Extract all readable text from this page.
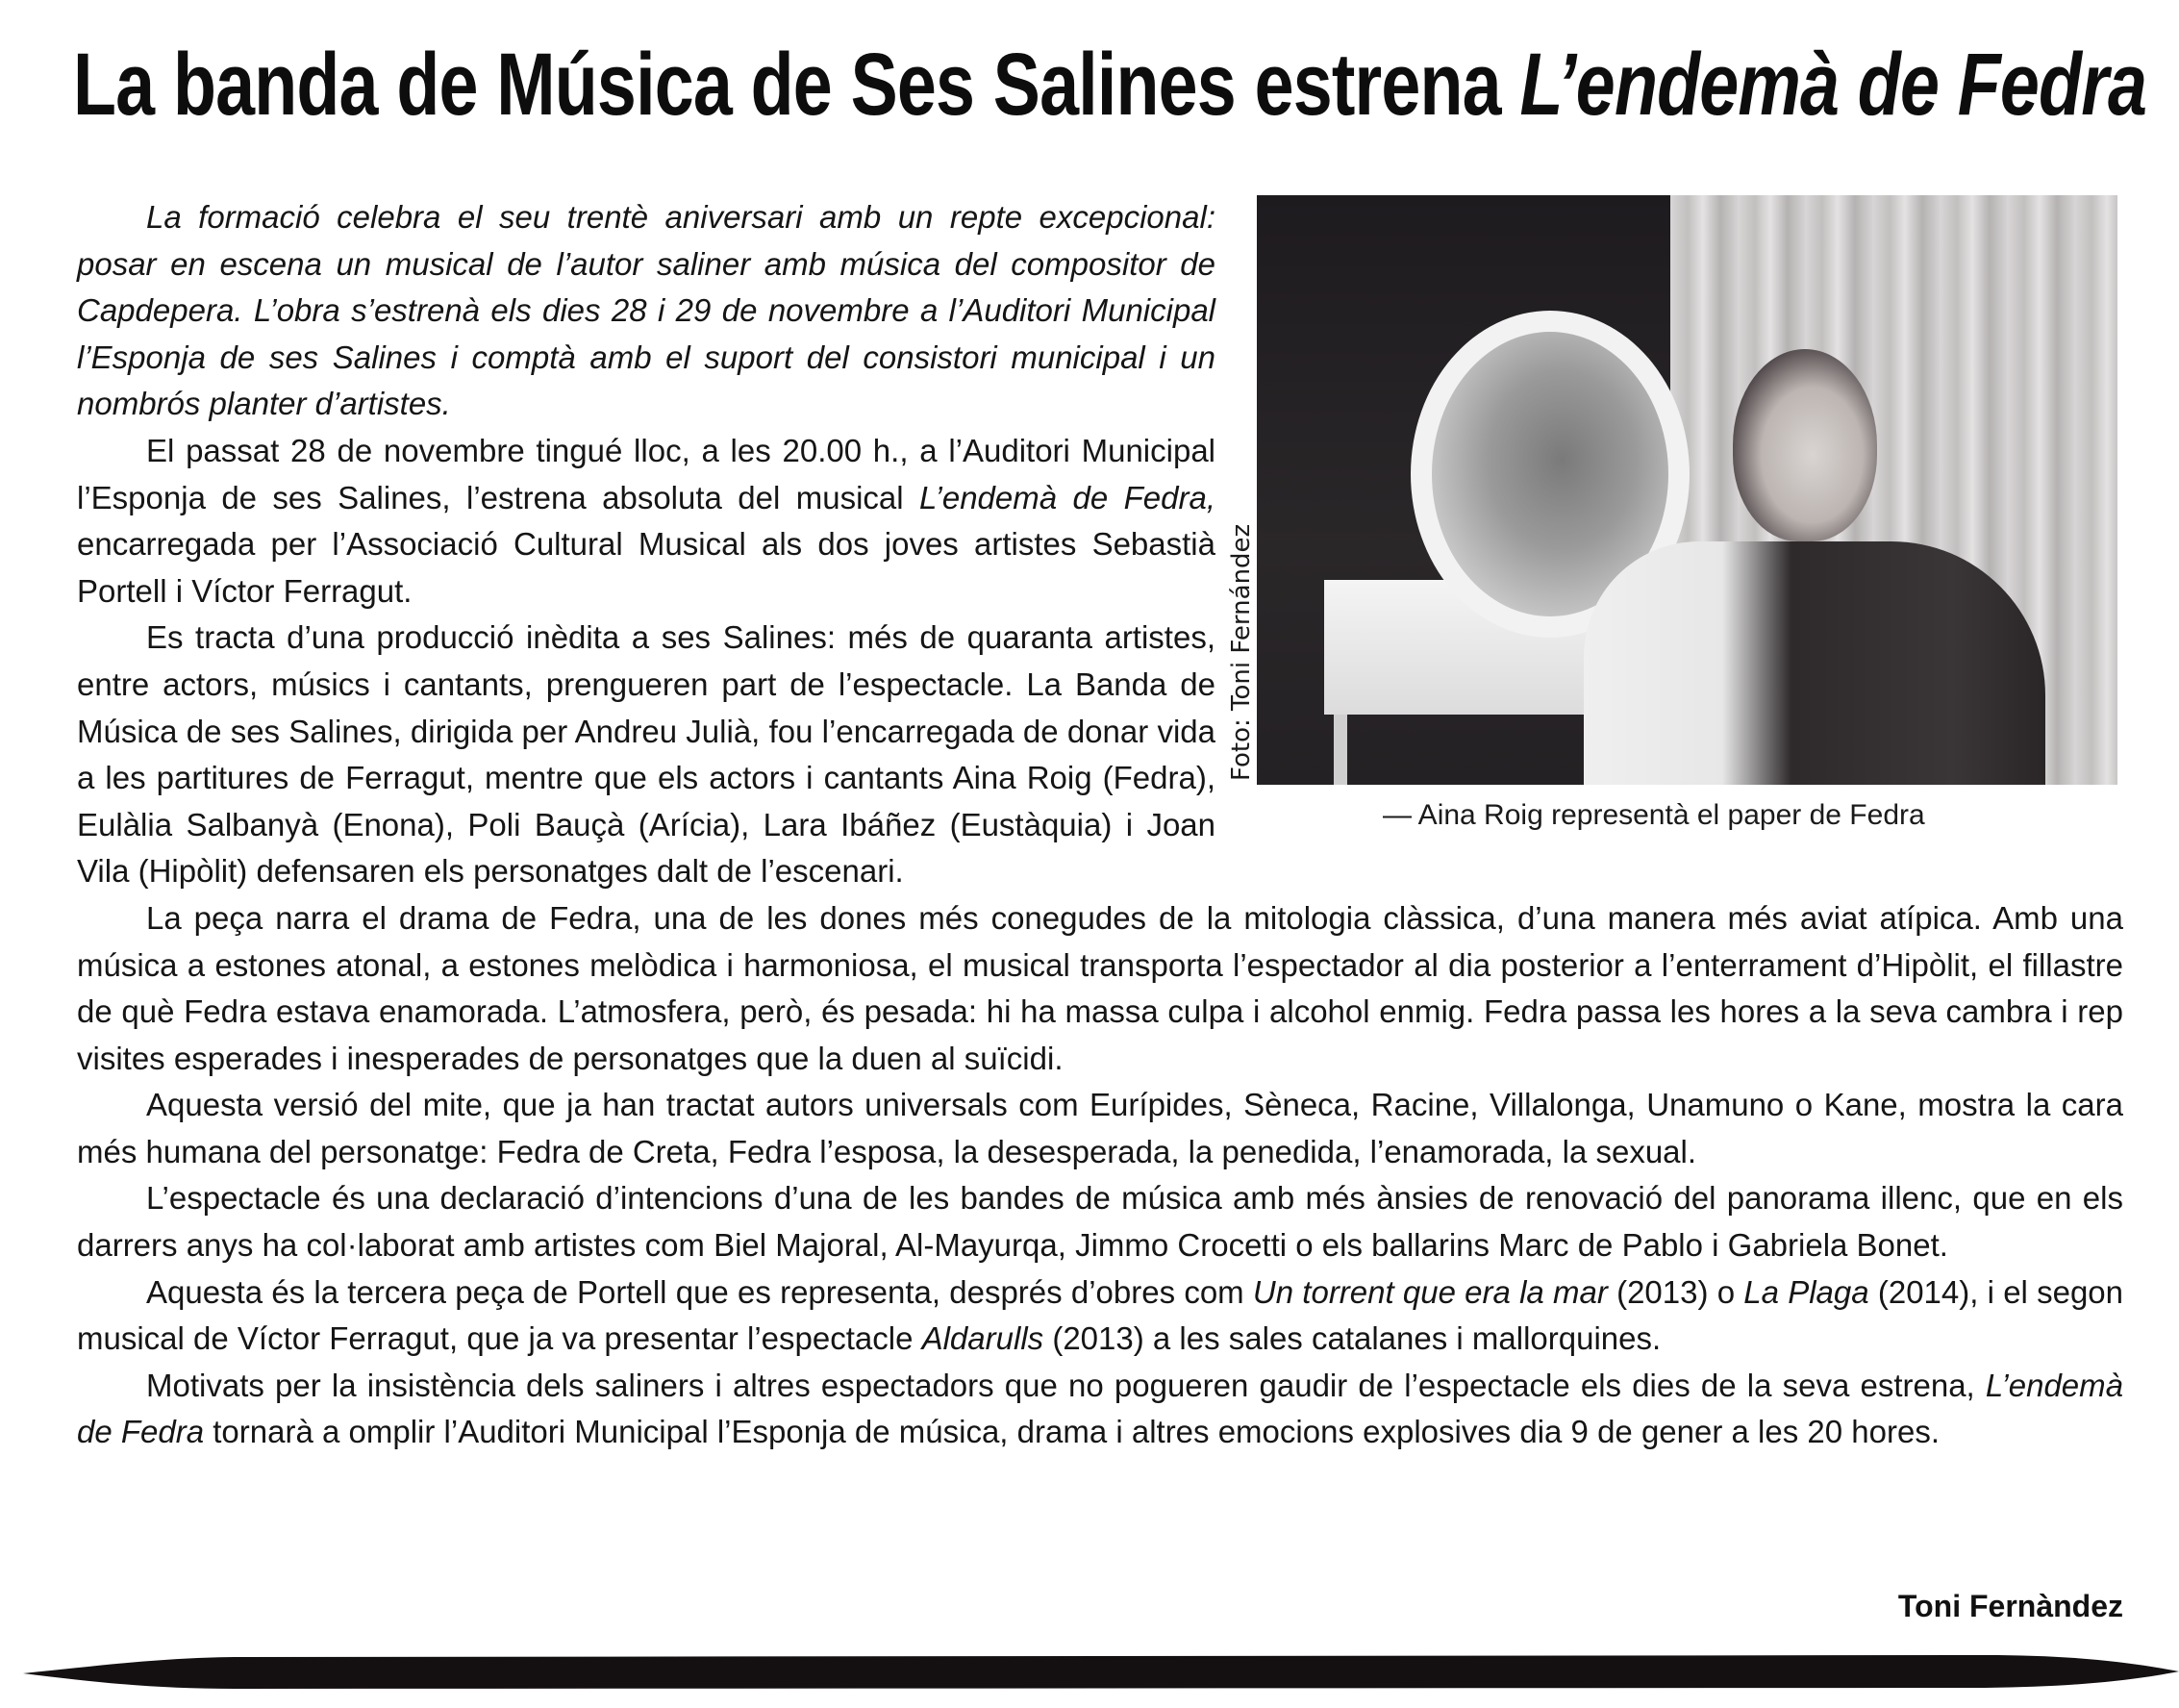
La banda de Música de Ses Salines estrena L’endemà de Fedra
Foto: Toni Fernández
— Aina Roig representà el paper de Fedra

La formació celebra el seu trentè aniversari amb un repte excepcional: posar en escena un musical de l’autor saliner amb música del compositor de Capdepera. L’obra s’estrenà els dies 28 i 29 de novembre a l’Auditori Municipal l’Esponja de ses Salines i comptà amb el suport del consistori municipal i un nombrós planter d’artistes.

El passat 28 de novembre tingué lloc, a les 20.00 h., a l’Auditori Municipal l’Esponja de ses Salines, l’estrena absoluta del musical L’endemà de Fedra, encarregada per l’Associació Cultural Musical als dos joves artistes Sebastià Portell i Víctor Ferragut.

Es tracta d’una producció inèdita a ses Salines: més de quaranta artistes, entre actors, músics i cantants, prengueren part de l’espectacle. La Banda de Música de ses Salines, dirigida per Andreu Julià, fou l’encarregada de donar vida a les partitures de Ferragut, mentre que els actors i cantants Aina Roig (Fedra), Eulàlia Salbanyà (Enona), Poli Bauçà (Arícia), Lara Ibáñez (Eustàquia) i Joan Vila (Hipòlit) defensaren els personatges dalt de l’escenari.

La peça narra el drama de Fedra, una de les dones més conegudes de la mitologia clàssica, d’una manera més aviat atípica. Amb una música a estones atonal, a estones melòdica i harmoniosa, el musical transporta l’espectador al dia posterior a l’enterrament d’Hipòlit, el fillastre de què Fedra estava enamorada. L’atmosfera, però, és pesada: hi ha massa culpa i alcohol enmig. Fedra passa les hores a la seva cambra i rep visites esperades i inesperades de personatges que la duen al suïcidi.

Aquesta versió del mite, que ja han tractat autors universals com Eurípides, Sèneca, Racine, Villalonga, Unamuno o Kane, mostra la cara més humana del personatge: Fedra de Creta, Fedra l’esposa, la desesperada, la penedida, l’enamorada, la sexual.

L’espectacle és una declaració d’intencions d’una de les bandes de música amb més ànsies de renovació del panorama illenc, que en els darrers anys ha col·laborat amb artistes com Biel Majoral, Al-Mayurqa, Jimmo Crocetti o els ballarins Marc de Pablo i Gabriela Bonet.

Aquesta és la tercera peça de Portell que es representa, després d’obres com Un torrent que era la mar (2013) o La Plaga (2014), i el segon musical de Víctor Ferragut, que ja va presentar l’espectacle Aldarulls (2013) a les sales catalanes i mallorquines.

Motivats per la insistència dels saliners i altres espectadors que no pogueren gaudir de l’espectacle els dies de la seva estrena, L’endemà de Fedra tornarà a omplir l’Auditori Municipal l’Esponja de música, drama i altres emocions explosives dia 9 de gener a les 20 hores.

Toni Fernàndez
